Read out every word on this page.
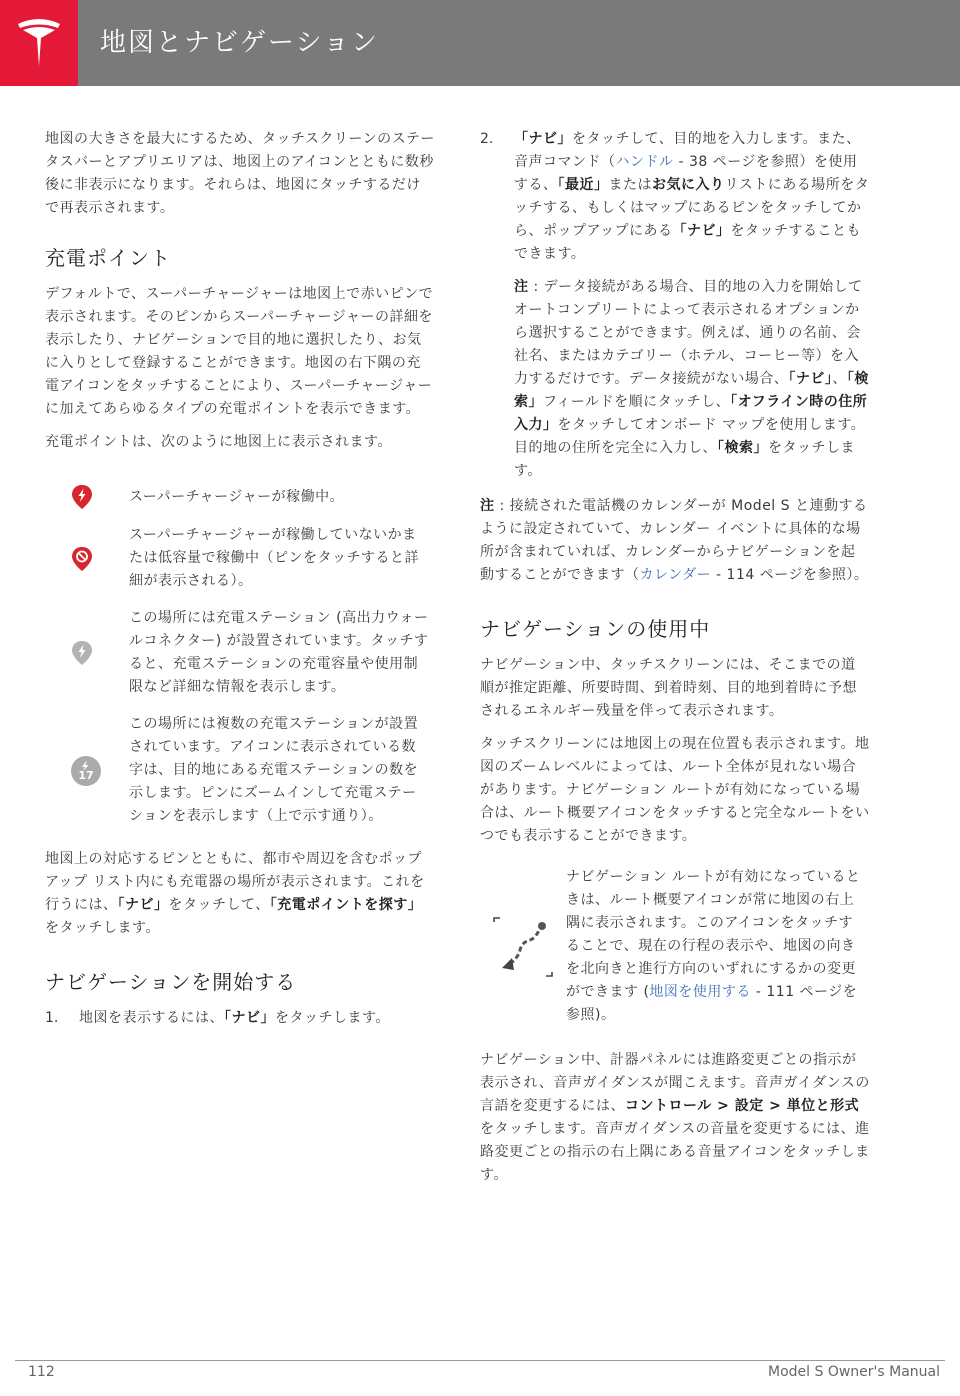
地図とナビゲーション

地図の大きさを最大にするため、タッチスクリーンのステータスバーとアプリエリアは、地図上のアイコンとともに数秒後に非表示になります。それらは、地図にタッチするだけで再表示されます。

充電ポイント

デフォルトで、スーパーチャージャーは地図上で赤いピンで表示されます。そのピンからスーパーチャージャーの詳細を表示したり、ナビゲーションで目的地に選択したり、お気に入りとして登録することができます。地図の右下隅の充電アイコンをタッチすることにより、スーパーチャージャーに加えてあらゆるタイプの充電ポイントを表示できます。

充電ポイントは、次のように地図上に表示されます。

スーパーチャージャーが稼働中。

スーパーチャージャーが稼働していないかまたは低容量で稼働中（ピンをタッチすると詳細が表示される）。

この場所には充電ステーション (高出力ウォールコネクター) が設置されています。タッチすると、充電ステーションの充電容量や使用制限など詳細な情報を表示します。

17

この場所には複数の充電ステーションが設置されています。アイコンに表示されている数字は、目的地にある充電ステーションの数を示します。ピンにズームインして充電ステーションを表示します（上で示す通り）。

地図上の対応するピンとともに、都市や周辺を含むポップアップ リスト内にも充電器の場所が表示されます。これを行うには、「ナビ」をタッチして、「充電ポイントを探す」をタッチします。

ナビゲーションを開始する
1.	地図を表示するには、「ナビ」をタッチします。

2.	「ナビ」をタッチして、目的地を入力します。また、音声コマンド（ハンドル - 38 ページを参照）を使用する、「最近」またはお気に入りリストにある場所をタッチする、もしくはマップにあるピンをタッチしてから、ポップアップにある「ナビ」をタッチすることもできます。

注 : データ接続がある場合、目的地の入力を開始してオートコンプリートによって表示されるオプションから選択することができます。例えば、通りの名前、会社名、またはカテゴリー（ホテル、コーヒー等）を入力するだけです。データ接続がない場合、「ナビ」、「検索」フィールドを順にタッチし、「オフライン時の住所入力」をタッチしてオンボード マップを使用します。目的地の住所を完全に入力し、「検索」をタッチします。

注 : 接続された電話機のカレンダーが Model S と連動するように設定されていて、カレンダー イベントに具体的な場所が含まれていれば、カレンダーからナビゲーションを起動することができます（カレンダー - 114 ページを参照）。

ナビゲーションの使用中

ナビゲーション中、タッチスクリーンには、そこまでの道順が推定距離、所要時間、到着時刻、目的地到着時に予想されるエネルギー残量を伴って表示されます。

タッチスクリーンには地図上の現在位置も表示されます。地図のズームレベルによっては、ルート全体が見れない場合があります。ナビゲーション ルートが有効になっている場合は、ルート概要アイコンをタッチすると完全なルートをいつでも表示することができます。

ナビゲーション ルートが有効になっているときは、ルート概要アイコンが常に地図の右上隅に表示されます。このアイコンをタッチすることで、現在の行程の表示や、地図の向きを北向きと進行方向のいずれにするかの変更ができます (地図を使用する - 111 ページを参照)。

ナビゲーション中、計器パネルには進路変更ごとの指示が表示され、音声ガイダンスが聞こえます。音声ガイダンスの言語を変更するには、コントロール > 設定 > 単位と形式をタッチします。音声ガイダンスの音量を変更するには、進路変更ごとの指示の右上隅にある音量アイコンをタッチします。

112	Model S Owner's Manual
